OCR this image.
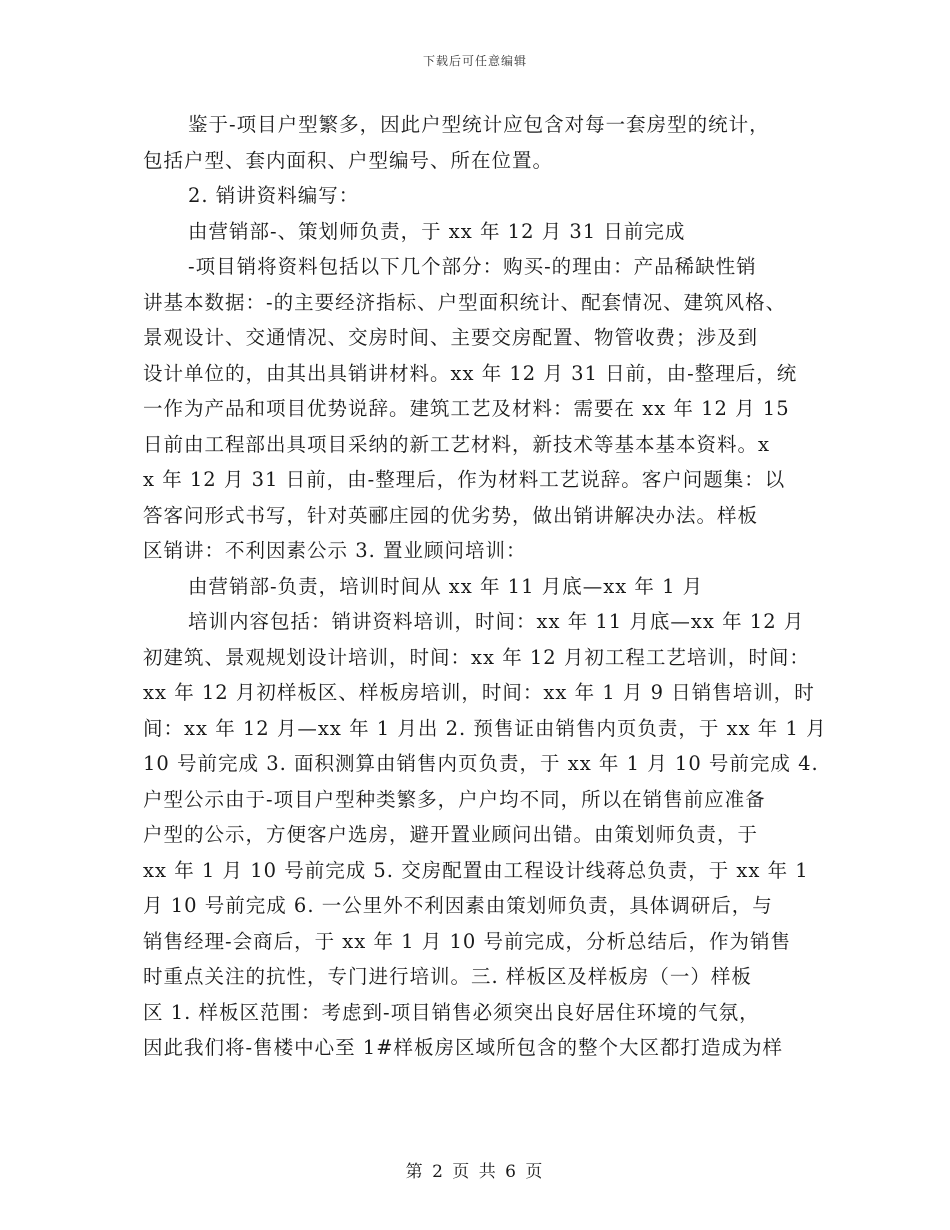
下载后可任意编辑
鉴于-项目户型繁多，因此户型统计应包含对每一套房型的统计，
包括户型、套内面积、户型编号、所在位置。
2. 销讲资料编写：
由营销部-、策划师负责，于 xx 年 12 月 31 日前完成
-项目销将资料包括以下几个部分：购买-的理由：产品稀缺性销
讲基本数据：-的主要经济指标、户型面积统计、配套情况、建筑风格、
景观设计、交通情况、交房时间、主要交房配置、物管收费；涉及到
设计单位的，由其出具销讲材料。xx 年 12 月 31 日前，由-整理后，统
一作为产品和项目优势说辞。建筑工艺及材料：需要在 xx 年 12 月 15
日前由工程部出具项目采纳的新工艺材料，新技术等基本基本资料。x
x 年 12 月 31 日前，由-整理后，作为材料工艺说辞。客户问题集：以
答客问形式书写，针对英郦庄园的优劣势，做出销讲解决办法。样板
区销讲：不利因素公示 3. 置业顾问培训：
由营销部-负责，培训时间从 xx 年 11 月底—xx 年 1 月
培训内容包括：销讲资料培训，时间：xx 年 11 月底—xx 年 12 月
初建筑、景观规划设计培训，时间：xx 年 12 月初工程工艺培训，时间：
xx 年 12 月初样板区、样板房培训，时间：xx 年 1 月 9 日销售培训，时
间：xx 年 12 月—xx 年 1 月出 2. 预售证由销售内页负责，于 xx 年 1 月
10 号前完成 3. 面积测算由销售内页负责，于 xx 年 1 月 10 号前完成 4.
户型公示由于-项目户型种类繁多，户户均不同，所以在销售前应准备
户型的公示，方便客户选房，避开置业顾问出错。由策划师负责，于
xx 年 1 月 10 号前完成 5. 交房配置由工程设计线蒋总负责，于 xx 年 1
月 10 号前完成 6. 一公里外不利因素由策划师负责，具体调研后，与
销售经理-会商后，于 xx 年 1 月 10 号前完成，分析总结后，作为销售
时重点关注的抗性，专门进行培训。三. 样板区及样板房（一）样板
区 1. 样板区范围：考虑到-项目销售必须突出良好居住环境的气氛，
因此我们将-售楼中心至 1#样板房区域所包含的整个大区都打造成为样
第 2 页 共 6 页
